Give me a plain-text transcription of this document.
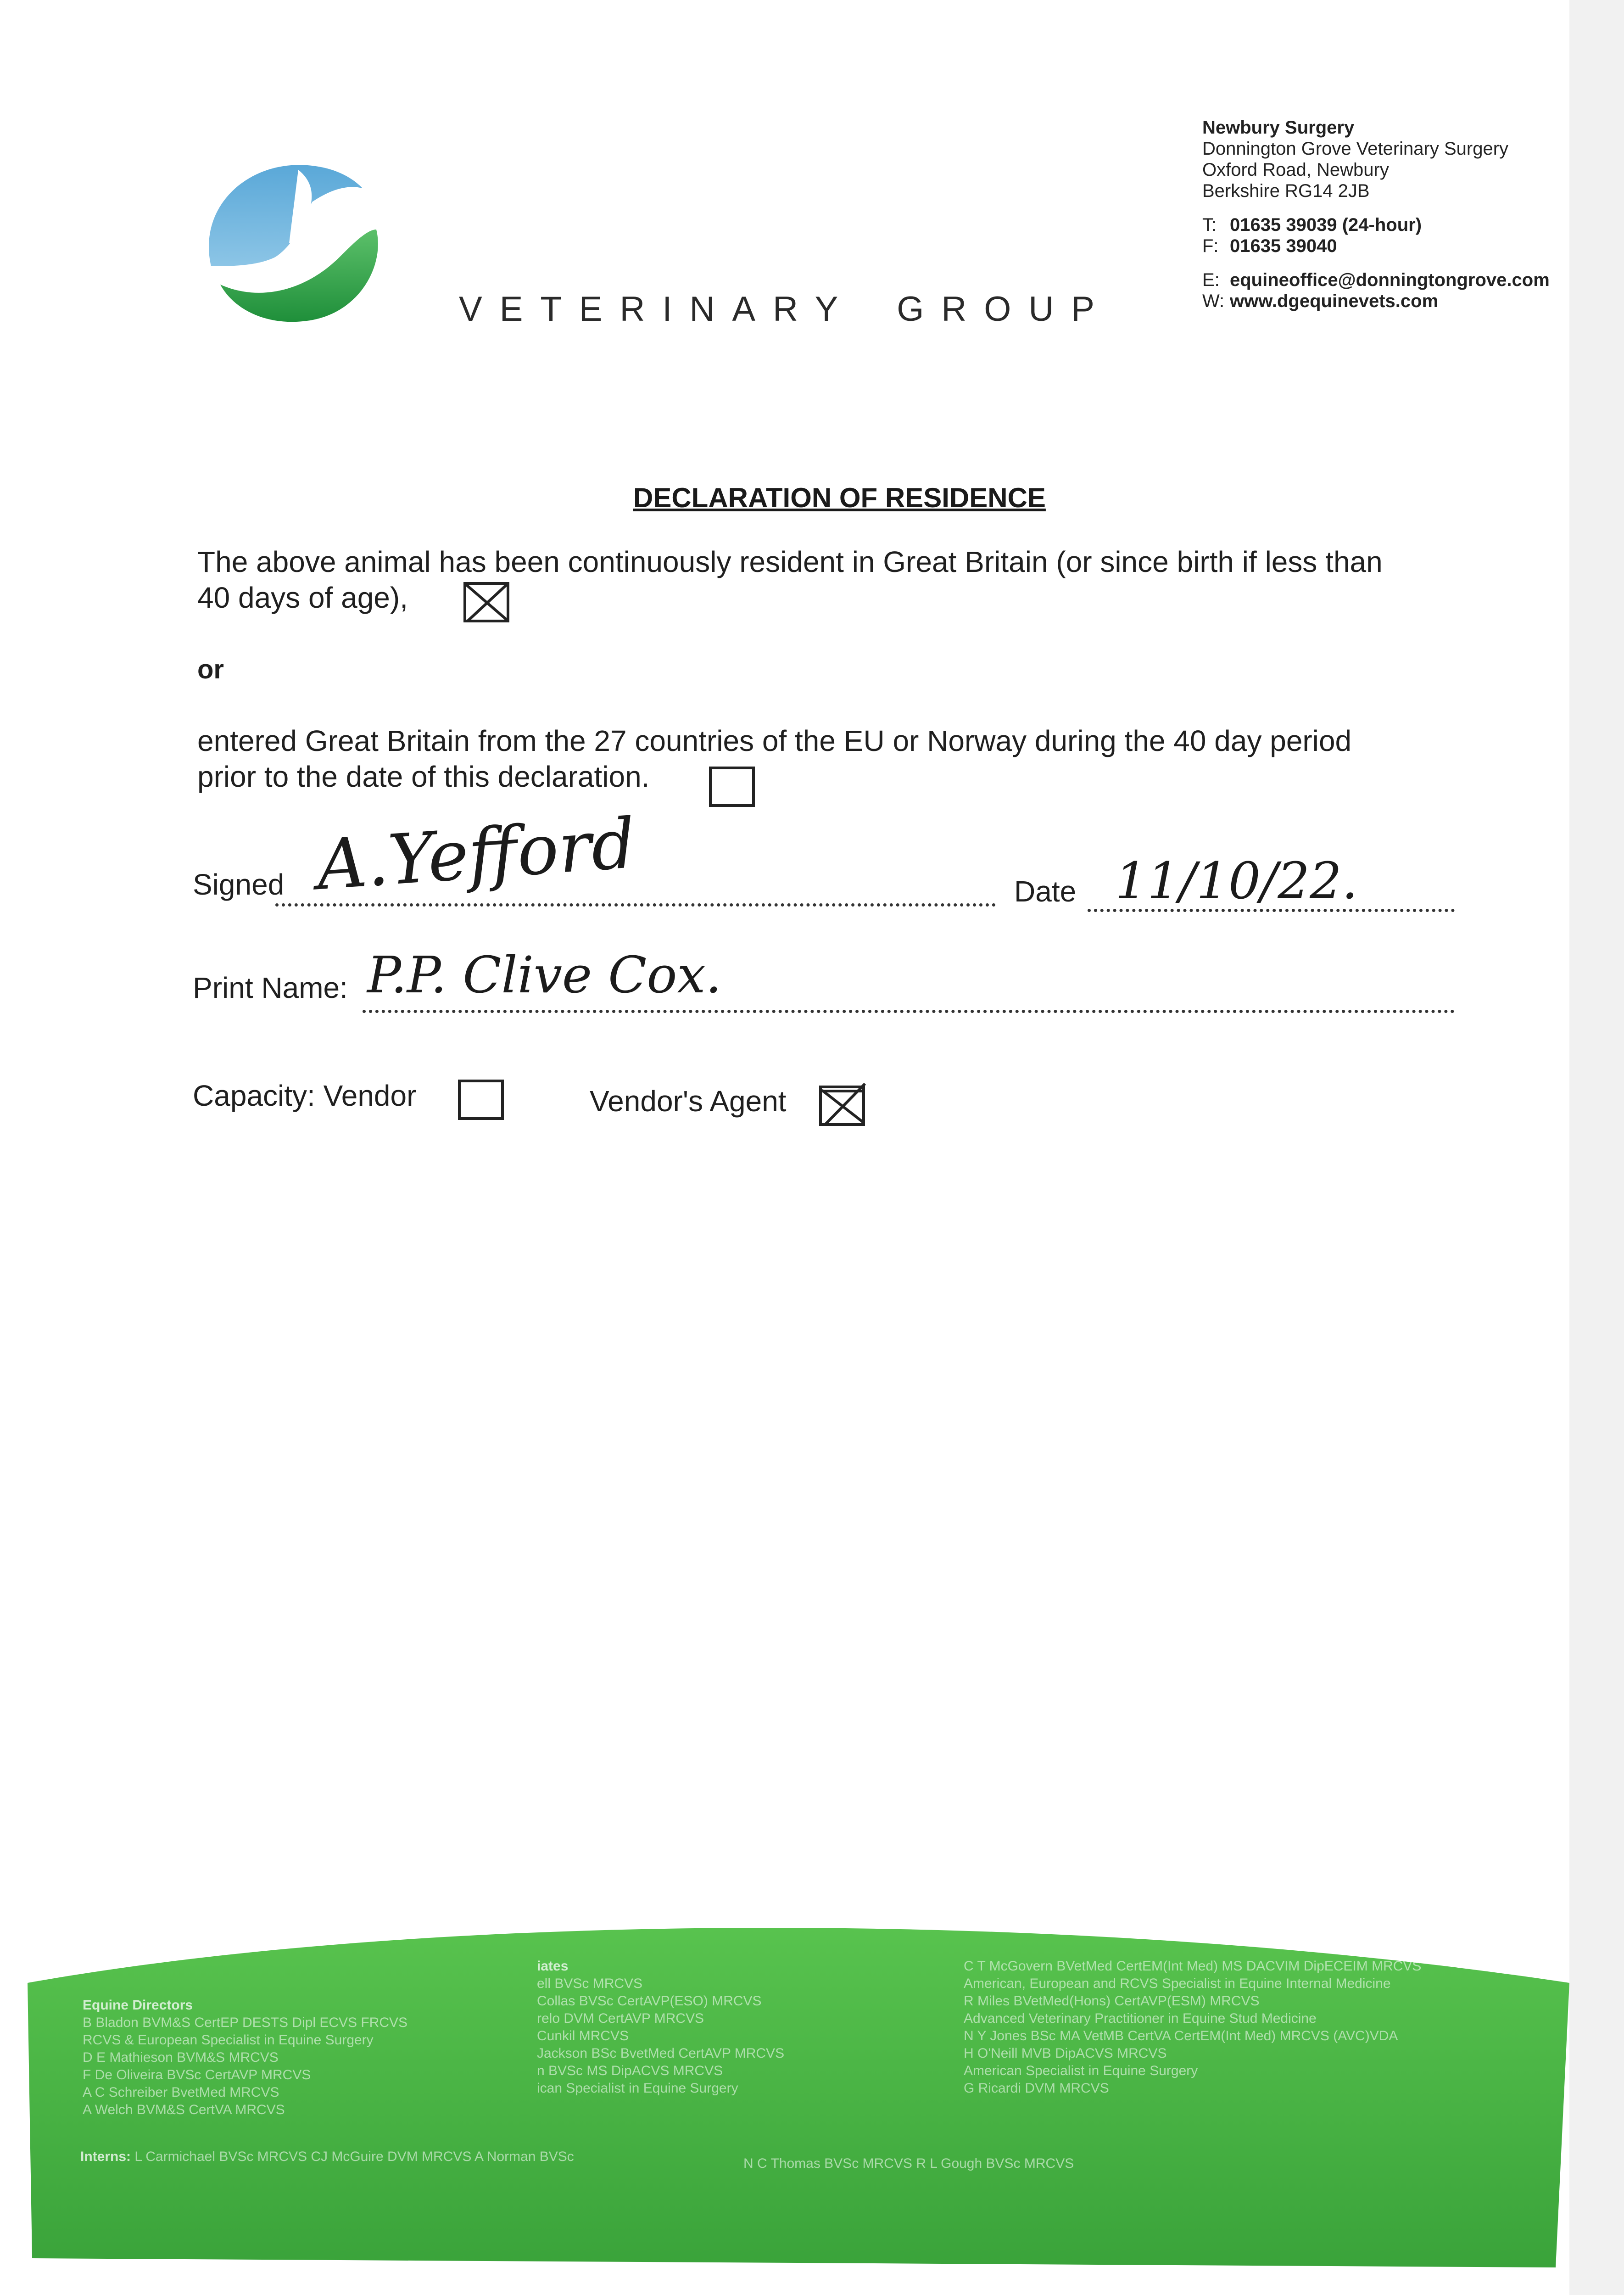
VETERINARY GROUP
Newbury Surgery
Donnington Grove Veterinary Surgery
Oxford Road, Newbury
Berkshire RG14 2JB
T: 01635 39039 (24-hour)
F: 01635 39040
E: equineoffice@donningtongrove.com
W: www.dgequinevets.com
DECLARATION OF RESIDENCE
The above animal has been continuously resident in Great Britain (or since birth if less than
40 days of age),
or
entered Great Britain from the 27 countries of the EU or Norway during the 40 day period
prior to the date of this declaration.
Signed A.Yefford	Date 11/10/22.
Print Name: P.P. Clive Cox.
Capacity: Vendor	Vendor's Agent
Equine Directors
B Bladon BVM&S CertEP DESTS Dipl ECVS FRCVS
RCVS & European Specialist in Equine Surgery
D E Mathieson BVM&S MRCVS
F De Oliveira BVSc CertAVP MRCVS
A C Schreiber BvetMed MRCVS
A Welch BVM&S CertVA MRCVS
iates
ell BVSc MRCVS
Collas BVSc CertAVP(ESO) MRCVS
relo DVM CertAVP MRCVS
Cunkil MRCVS
Jackson BSc BvetMed CertAVP MRCVS
n BVSc MS DipACVS MRCVS
ican Specialist in Equine Surgery
C T McGovern BVetMed CertEM(Int Med) MS DACVIM DipECEIM MRCVS
American, European and RCVS Specialist in Equine Internal Medicine
R Miles BVetMed(Hons) CertAVP(ESM) MRCVS
Advanced Veterinary Practitioner in Equine Stud Medicine
N Y Jones BSc MA VetMB CertVA CertEM(Int Med) MRCVS (AVC)VDA
H O'Neill MVB DipACVS MRCVS
American Specialist in Equine Surgery
G Ricardi DVM MRCVS
Interns: L Carmichael BVSc MRCVS CJ McGuire DVM MRCVS A Norman BVSc	N C Thomas BVSc MRCVS R L Gough BVSc MRCVS
